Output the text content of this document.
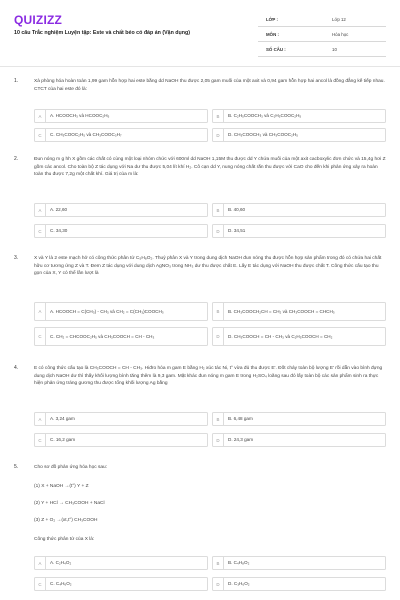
QUIZIZZ
10 câu Trắc nghiệm Luyện tập: Este và chất béo có đáp án (Vận dụng)
LỚP :	Lớp 12
MÔN :	Hóa học
SỐ CÂU :	10
1.	Xà phòng hóa hoàn toàn 1,99 gam hỗn hợp hai este bằng dd NaOH thu được 2,05 gam muối của một axit và 0,94 gam hỗn hợp hai ancol là đồng đẳng kế tiếp nhau. CTCT của hai este đó là:
A	A. HCOOCH₃ và HCOOC₂H₅	B	B. C₂H₅COOCH₃ và C₂H₅COOC₂H₅
C	C. CH₃COOC₂H₅ và CH₃COOC₃H₇	D	D. CH₃COOCH₃ và CH₃COOC₂H₅
2.	Đun nóng m g hh X gồm các chất có cùng một loại nhóm chức với 600ml dd NaOH 1,15M thu được dd Y chứa muối của một axit cacboxylic đơn chức và 15,4g hơi Z gồm các ancol. Cho toàn bộ Z tác dụng với Na dư thu được 5,04 lít khí H₂. Cô cạn dd Y, nung nóng chất rắn thu được với CaO cho đến khi phản ứng xảy ra hoàn toàn thu được 7,2g một chất khí. Giá trị của m là:
A	A. 22,60	B	B. 40,60
C	C. 34,30	D	D. 34,51
3.	X và Y là 2 este mạch hở có công thức phân tử C₅H₈O₂. Thuỷ phân X và Y trong dung dịch NaOH đun nóng thu được hỗn hợp sản phẩm trong đó có chứa hai chất hữu cơ tương ứng Z và T. Đem Z tác dụng với dung dịch AgNO₃ trong NH₃ dư thu được chất E. Lấy E tác dụng với NaOH thu được chất T. Công thức cấu tạo thu gọn của X, Y có thể lần lượt là
A	A. HCOOCH = C(CH₃) - CH₃ và CH₂ = C(CH₃)COOCH₃	B	B. CH₃COOCH₂CH = CH₂ và CH₃COOCH = CHCH₃
C	C. CH₂ = CHCOOC₂H₅ và CH₃COOCH = CH - CH₃	D	D. CH₃COOCH = CH - CH₃ và C₂H₅COOCH = CH₂
4.	E có công thức cấu tạo là CH₃COOCH = CH - CH₃. Hiđro hóa m gam E bằng H₂ xúc tác Ni, t° vừa đủ thu được E'. Đốt cháy toàn bộ lượng E' rồi dẫn vào bình đựng dung dịch NaOH dư thì thấy khối lượng bình tăng thêm là 9,3 gam. Mặt khác đun nóng m gam E trong H₂SO₄ loãng sau đó lấy toàn bộ các sản phẩm sinh ra thực hiện phản ứng tráng gương thu được tổng khối lượng Ag bằng
A	A. 3,24 gam	B	B. 6,48 gam
C	C. 16,2 gam	D	D. 24,3 gam
5.	Cho sơ đồ phản ứng hóa học sau:
(1) X + NaOH →(t°) Y + Z
(2) Y + HCl → CH₃COOH + NaCl
(3) Z + O₂ →(xt,t°) CH₃COOH
Công thức phân tử của X là:
A	A. C₂H₄O₂	B	B. C₄H₈O₂
C	C. C₄H₆O₂	D	D. C₃H₆O₂
